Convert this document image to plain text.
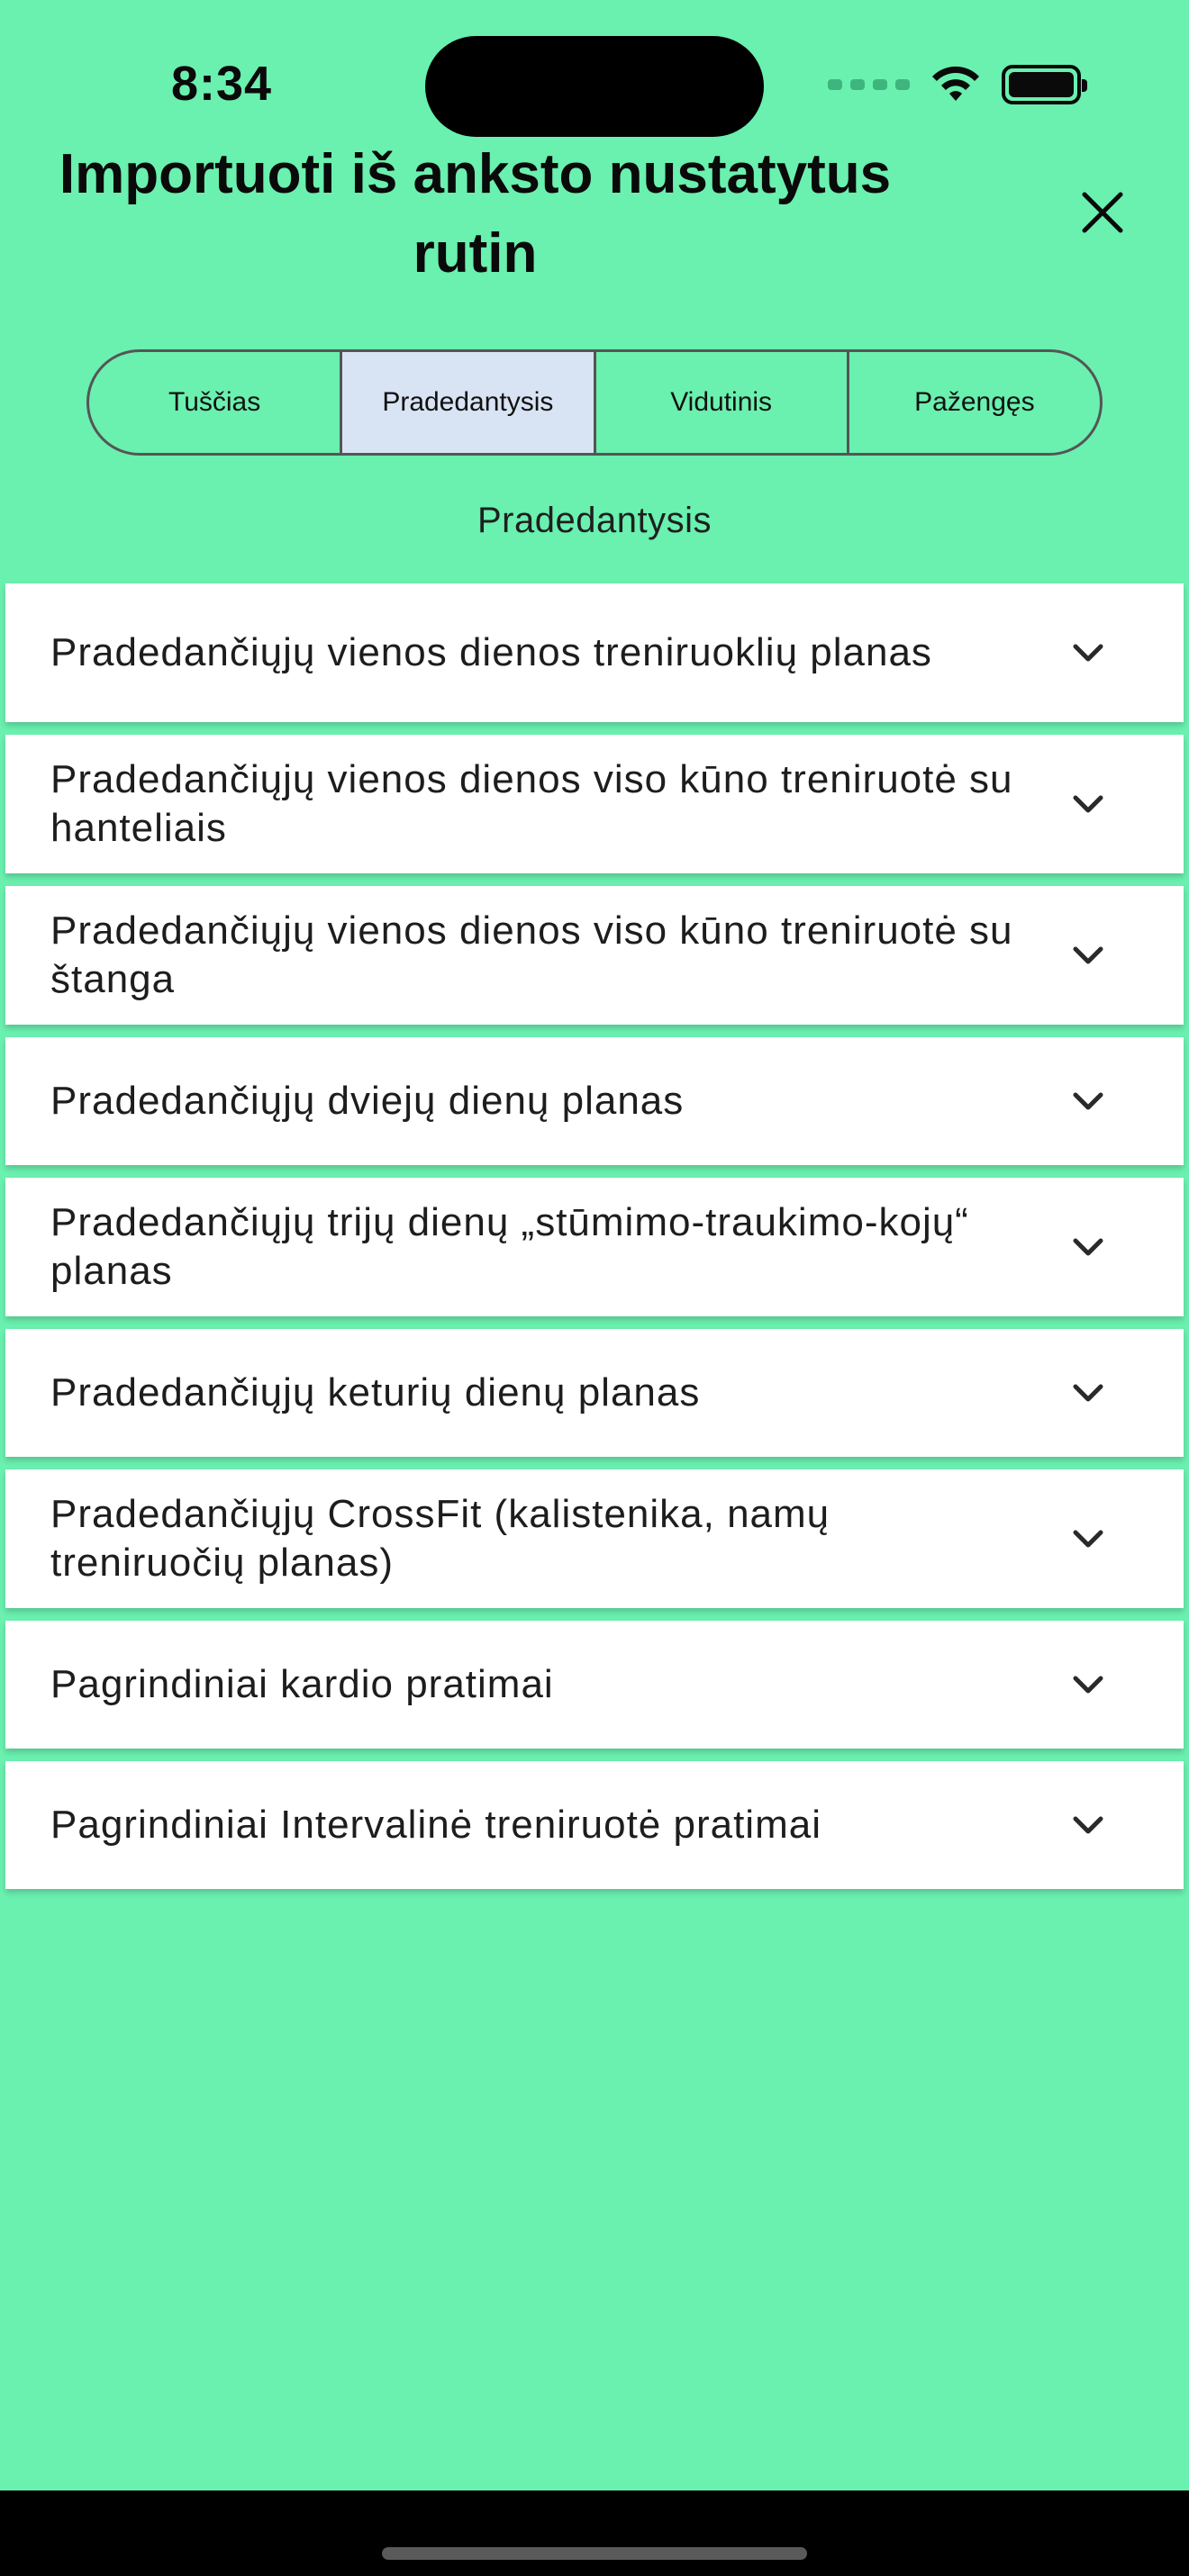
8:34
Importuoti iš anksto nustatytus rutin
Tuščias	Pradedantysis	Vidutinis	Pažengęs
Pradedantysis
Pradedančiųjų vienos dienos treniruoklių planas
Pradedančiųjų vienos dienos viso kūno treniruotė su hanteliais
Pradedančiųjų vienos dienos viso kūno treniruotė su štanga
Pradedančiųjų dviejų dienų planas
Pradedančiųjų trijų dienų „stūmimo-traukimo-kojų“ planas
Pradedančiųjų keturių dienų planas
Pradedančiųjų CrossFit (kalistenika, namų treniruočių planas)
Pagrindiniai kardio pratimai
Pagrindiniai Intervalinė treniruotė pratimai
